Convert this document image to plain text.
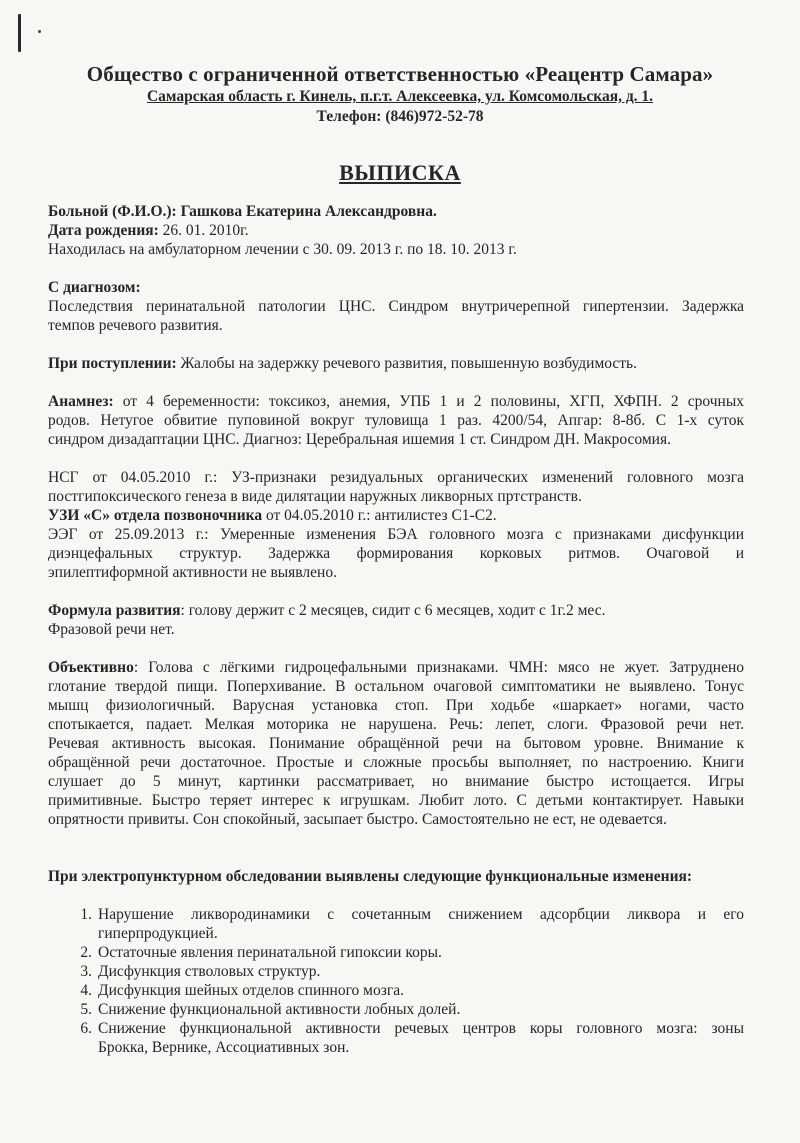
Общество с ограниченной ответственностью «Реацентр Самара»
Самарская область г. Кинель, п.г.т. Алексеевка, ул. Комсомольская, д. 1.
Телефон: (846)972-52-78
ВЫПИСКА
Больной (Ф.И.О.): Гашкова Екатерина Александровна.
Дата рождения: 26. 01. 2010г.
Находилась на амбулаторном лечении с 30. 09. 2013 г. по 18. 10. 2013 г.
С диагнозом:
Последствия перинатальной патологии ЦНС. Синдром внутричерепной гипертензии. Задержка
темпов речевого развития.
При поступлении: Жалобы на задержку речевого развития, повышенную возбудимость.
Анамнез: от 4 беременности: токсикоз, анемия, УПБ 1 и 2 половины, ХГП, ХФПН. 2 срочных
родов. Нетугое обвитие пуповиной вокруг туловища 1 раз. 4200/54, Апгар: 8-8б. С 1-х суток
синдром дизадаптации ЦНС. Диагноз: Церебральная ишемия 1 ст. Синдром ДН. Макросомия.
НСГ от 04.05.2010 г.: УЗ-признаки резидуальных органических изменений головного мозга
постгипоксического генеза в виде дилятации наружных ликворных пртстранств.
УЗИ «С» отдела позвоночника от 04.05.2010 г.: антилистез С1-С2.
ЭЭГ от 25.09.2013 г.: Умеренные изменения БЭА головного мозга с признаками дисфункции
диэнцефальных структур. Задержка формирования корковых ритмов. Очаговой и
эпилептиформной активности не выявлено.
Формула развития: голову держит с 2 месяцев, сидит с 6 месяцев, ходит с 1г.2 мес.
Фразовой речи нет.
Объективно: Голова с лёгкими гидроцефальными признаками. ЧМН: мясо не жует. Затруднено
глотание твердой пищи. Поперхивание. В остальном очаговой симптоматики не выявлено. Тонус
мышц физиологичный. Варусная установка стоп. При ходьбе «шаркает» ногами, часто
спотыкается, падает. Мелкая моторика не нарушена. Речь: лепет, слоги. Фразовой речи нет.
Речевая активность высокая. Понимание обращённой речи на бытовом уровне. Внимание к
обращённой речи достаточное. Простые и сложные просьбы выполняет, по настроению. Книги
слушает до 5 минут, картинки рассматривает, но внимание быстро истощается. Игры
примитивные. Быстро теряет интерес к игрушкам. Любит лото. С детьми контактирует. Навыки
опрятности привиты. Сон спокойный, засыпает быстро. Самостоятельно не ест, не одевается.
При электропунктурном обследовании выявлены следующие функциональные изменения:
1. Нарушение ликвородинамики с сочетанным снижением адсорбции ликвора и его
гиперпродукцией.
2. Остаточные явления перинатальной гипоксии коры.
3. Дисфункция стволовых структур.
4. Дисфункция шейных отделов спинного мозга.
5. Снижение функциональной активности лобных долей.
6. Снижение функциональной активности речевых центров коры головного мозга: зоны
Брокка, Вернике, Ассоциативных зон.
